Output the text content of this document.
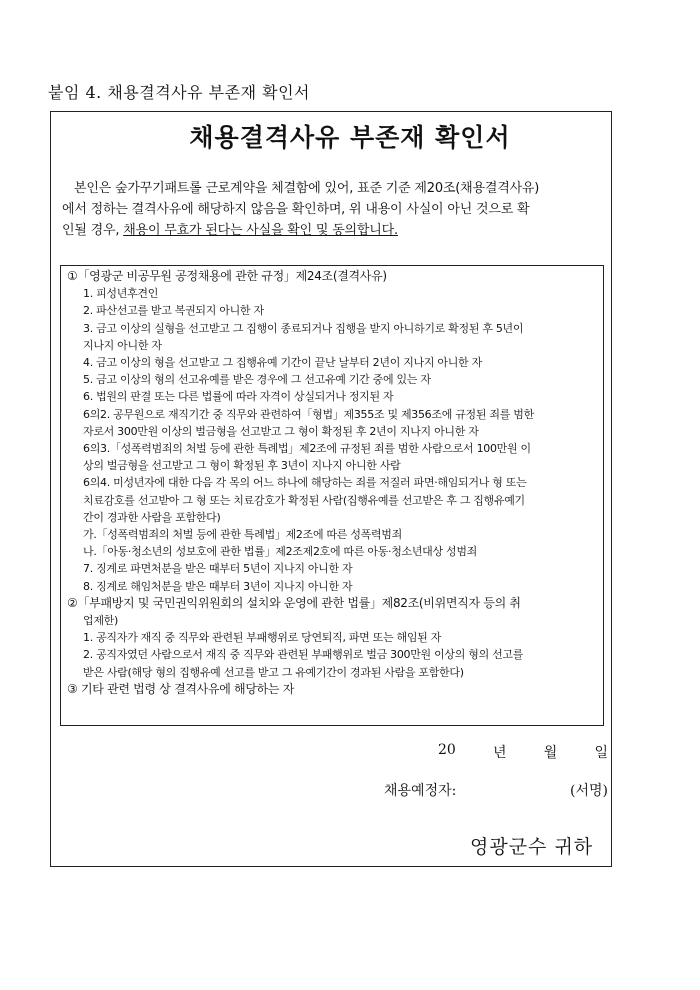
붙임 4. 채용결격사유 부존재 확인서
채용결격사유 부존재 확인서
본인은 숲가꾸기패트롤 근로계약을 체결함에 있어, 표준 기준 제20조(채용결격사유)
에서 정하는 결격사유에 해당하지 않음을 확인하며, 위 내용이 사실이 아닌 것으로 확
인될 경우, 채용이 무효가 된다는 사실을 확인 및 동의합니다.
①「영광군 비공무원 공정채용에 관한 규정」제24조(결격사유)
1. 피성년후견인
2. 파산선고를 받고 복권되지 아니한 자
3. 금고 이상의 실형을 선고받고 그 집행이 종료되거나 집행을 받지 아니하기로 확정된 후 5년이
지나지 아니한 자
4. 금고 이상의 형을 선고받고 그 집행유예 기간이 끝난 날부터 2년이 지나지 아니한 자
5. 금고 이상의 형의 선고유예를 받은 경우에 그 선고유예 기간 중에 있는 자
6. 법원의 판결 또는 다른 법률에 따라 자격이 상실되거나 정지된 자
6의2. 공무원으로 재직기간 중 직무와 관련하여「형법」제355조 및 제356조에 규정된 죄를 범한
자로서 300만원 이상의 벌금형을 선고받고 그 형이 확정된 후 2년이 지나지 아니한 자
6의3.「성폭력범죄의 처벌 등에 관한 특례법」제2조에 규정된 죄를 범한 사람으로서 100만원 이
상의 벌금형을 선고받고 그 형이 확정된 후 3년이 지나지 아니한 사람
6의4. 미성년자에 대한 다음 각 목의 어느 하나에 해당하는 죄를 저질러 파면·해임되거나 형 또는
치료감호를 선고받아 그 형 또는 치료감호가 확정된 사람(집행유예를 선고받은 후 그 집행유예기
간이 경과한 사람을 포함한다)
가.「성폭력범죄의 처벌 등에 관한 특례법」제2조에 따른 성폭력범죄
나.「아동·청소년의 성보호에 관한 법률」제2조제2호에 따른 아동·청소년대상 성범죄
7. 징계로 파면처분을 받은 때부터 5년이 지나지 아니한 자
8. 징계로 해임처분을 받은 때부터 3년이 지나지 아니한 자
②「부패방지 및 국민권익위원회의 설치와 운영에 관한 법률」제82조(비위면직자 등의 취
업제한)
1. 공직자가 재직 중 직무와 관련된 부패행위로 당연퇴직, 파면 또는 해임된 자
2. 공직자였던 사람으로서 재직 중 직무와 관련된 부패행위로 벌금 300만원 이상의 형의 선고를
받은 사람(해당 형의 집행유예 선고를 받고 그 유예기간이 경과된 사람을 포함한다)
③ 기타 관련 법령 상 결격사유에 해당하는 자
20	년	월	일
채용예정자:	(서명)
영광군수 귀하
